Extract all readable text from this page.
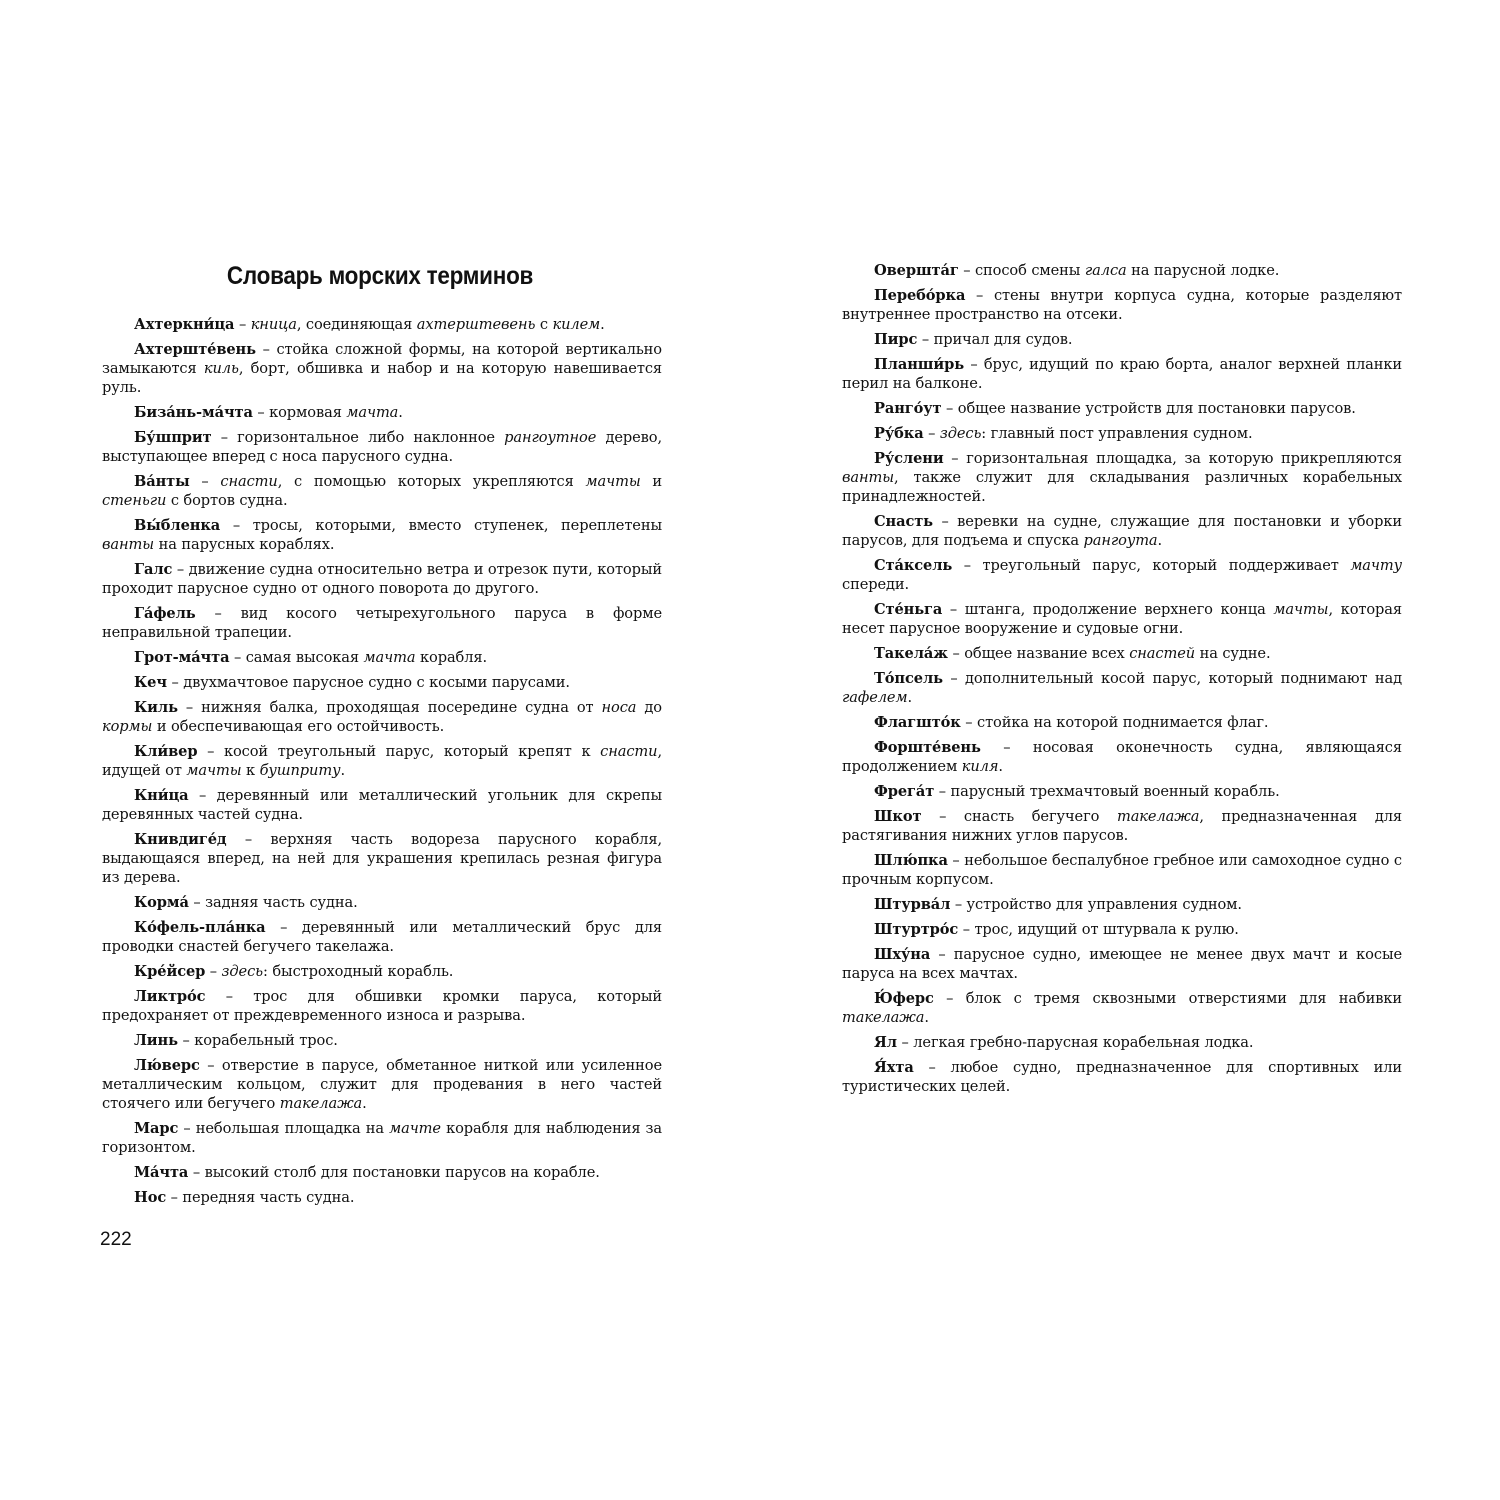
Словарь морских терминов

Ахтеркни́ца – кница, соединяющая ахтерштевень с килем.

Ахтерште́вень – стойка сложной формы, на которой вертикально замыкаются киль, борт, обшивка и набор и на которую навешивается руль.

Биза́нь-ма́чта – кормовая мачта.

Бу́шприт – горизонтальное либо наклонное рангоутное дерево, выступающее вперед с носа парусного судна.

Ва́нты – снасти, с помощью которых укрепляются мачты и стеньги с бортов судна.

Вы́бленка – тросы, которыми, вместо ступенек, переплетены ванты на парусных кораблях.

Галс – движение судна относительно ветра и отрезок пути, который проходит парусное судно от одного поворота до другого.

Га́фель – вид косого четырехугольного паруса в форме неправильной трапеции.

Грот-ма́чта – самая высокая мачта корабля.

Кеч – двухмачтовое парусное судно с косыми парусами.

Киль – нижняя балка, проходящая посередине судна от носа до кормы и обеспечивающая его остойчивость.

Кли́вер – косой треугольный парус, который крепят к снасти, идущей от мачты к бушприту.

Кни́ца – деревянный или металлический угольник для скрепы деревянных частей судна.

Книвдиге́д – верхняя часть водореза парусного корабля, выдающаяся вперед, на ней для украшения крепилась резная фигура из дерева.

Корма́ – задняя часть судна.

Ко́фель-пла́нка – деревянный или металлический брус для проводки снастей бегучего такелажа.

Кре́йсер – здесь: быстроходный корабль.

Ликтро́с – трос для обшивки кромки паруса, который предохраняет от преждевременного износа и разрыва.

Линь – корабельный трос.

Лю́верс – отверстие в парусе, обметанное ниткой или усиленное металлическим кольцом, служит для продевания в него частей стоячего или бегучего такелажа.

Марс – небольшая площадка на мачте корабля для наблюдения за горизонтом.

Ма́чта – высокий столб для постановки парусов на корабле.

Нос – передняя часть судна.

Овершта́г – способ смены галса на парусной лодке.

Перебо́рка – стены внутри корпуса судна, которые разделяют внутреннее пространство на отсеки.

Пирс – причал для судов.

Планши́рь – брус, идущий по краю борта, аналог верхней планки перил на балконе.

Ранго́ут – общее название устройств для постановки парусов.

Ру́бка – здесь: главный пост управления судном.

Ру́слени – горизонтальная площадка, за которую прикрепляются ванты, также служит для складывания различных корабельных принадлежностей.

Снасть – веревки на судне, служащие для постановки и уборки парусов, для подъема и спуска рангоута.

Ста́ксель – треугольный парус, который поддерживает мачту спереди.

Сте́ньга – штанга, продолжение верхнего конца мачты, которая несет парусное вооружение и судовые огни.

Такела́ж – общее название всех снастей на судне.

То́псель – дополнительный косой парус, который поднимают над гафелем.

Флагшто́к – стойка на которой поднимается флаг.

Форште́вень – носовая оконечность судна, являющаяся продолжением киля.

Фрега́т – парусный трехмачтовый военный корабль.

Шкот – снасть бегучего такелажа, предназначенная для растягивания нижних углов парусов.

Шлю́пка – небольшое беспалубное гребное или самоходное судно с прочным корпусом.

Штурва́л – устройство для управления судном.

Штуртро́с – трос, идущий от штурвала к рулю.

Шху́на – парусное судно, имеющее не менее двух мачт и косые паруса на всех мачтах.

Ю́ферс – блок с тремя сквозными отверстиями для набивки такелажа.

Ял – легкая гребно-парусная корабельная лодка.

Я́хта – любое судно, предназначенное для спортивных или туристических целей.

222
